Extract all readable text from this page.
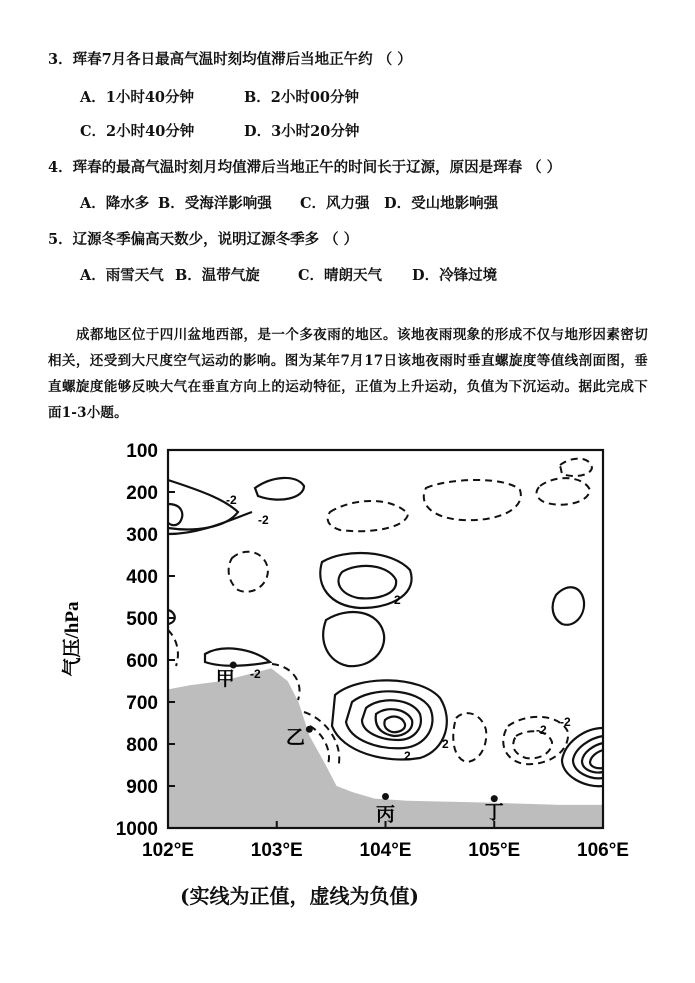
3．珲春7月各日最高气温时刻均值滞后当地正午约 （ ）
A．1小时40分钟	B．2小时00分钟
C．2小时40分钟	D．3小时20分钟
4．珲春的最高气温时刻月均值滞后当地正午的时间长于辽源，原因是珲春 （ ）
A．降水多 B．受海洋影响强 C．风力强 D．受山地影响强
5．辽源冬季偏高天数少，说明辽源冬季多 （ ）
A．雨雪天气 B．温带气旋	C．晴朗天气 D．冷锋过境
成都地区位于四川盆地西部，是一个多夜雨的地区。该地夜雨现象的形成不仅与地形因素密切相关，还受到大尺度空气运动的影响。图为某年7月17日该地夜雨时垂直螺旋度等值线剖面图，垂直螺旋度能够反映大气在垂直方向上的运动特征，正值为上升运动，负值为下沉运动。据此完成下面1-3小题。
100
200
300
400
500
600
700
800
900
1000
102°E	103°E	104°E	105°E	106°E
气压/hPa
甲
乙
丙	丁
-2
-2
2
2
-2
2
-2
-2
(实线为正值，虚线为负值)
